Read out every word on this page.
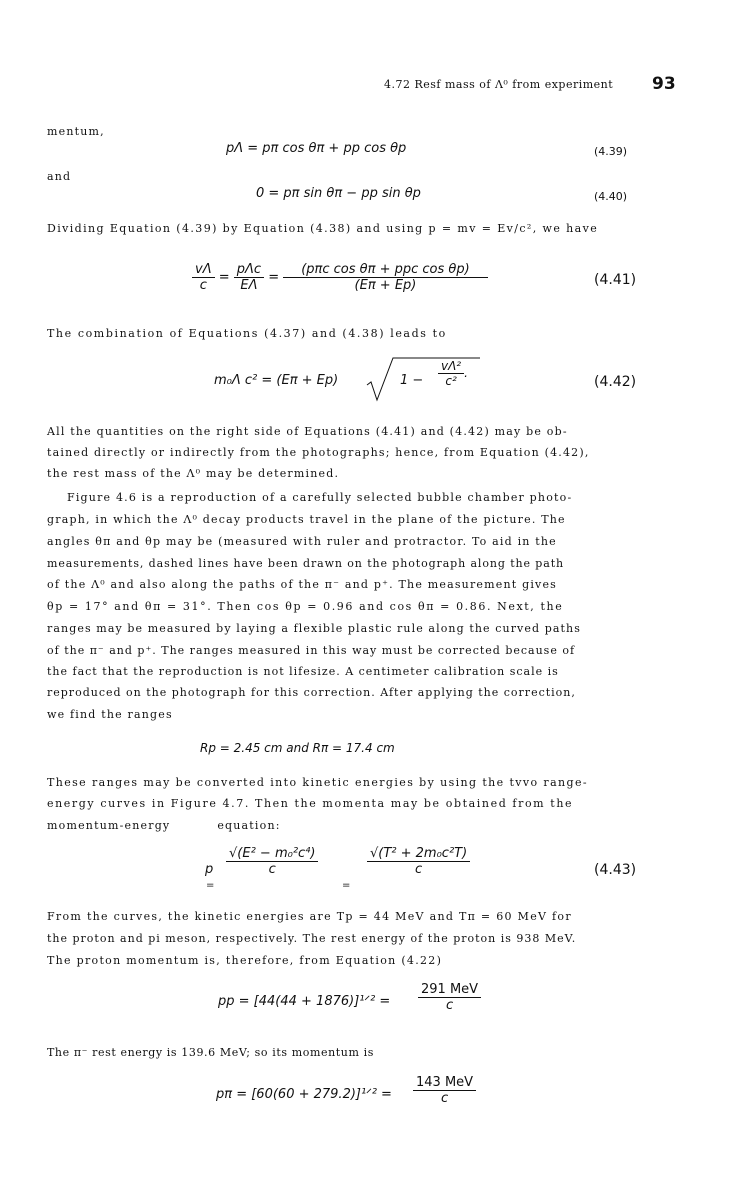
4.72 Resf mass of Λ⁰ from experiment 93
mentum,
pΛ = pπ cos θπ + pp cos θp	(4.39)
and
0 = pπ sin θπ − pp sin θp	(4.40)
Dividing Equation (4.39) by Equation (4.38) and using p = mv = Ev/c², we have
$\frac{v\Lambda}{c} = \frac{\text{pΛc}}{E\Lambda} = \frac{\text{(pπc cos θπ + ppc cos θp)}}{(E\pi + Ep)}$	(4.41)
The combination of Equations (4.37) and (4.38) leads to
m₀Λ c² = (Eπ + Ep)	$1 - \frac{\text{vΛ²}}{\text{c²}}$ .
(4.42)
All the quantities on the right side of Equations (4.41) and (4.42) may be ob-
tained directly or indirectly from the photographs; hence, from Equation (4.42),
the rest mass of the Λ⁰ may be determined.
Figure 4.6 is a reproduction of a carefully selected bubble chamber photo-
graph, in which the Λ⁰ decay products travel in the plane of the picture. The
angles θπ and θp may be (measured with ruler and protractor. To aid in the
measurements, dashed lines have been drawn on the photograph along the path
of the Λ⁰ and also along the paths of the π⁻ and p⁺. The measurement gives
θp = 17° and θπ = 31°. Then cos θp = 0.96 and cos θπ = 0.86. Next, the
ranges may be measured by laying a flexible plastic rule along the curved paths
of the π⁻ and p⁺. The ranges measured in this way must be corrected because of
the fact that the reproduction is not lifesize. A centimeter calibration scale is
reproduced on the photograph for this correction. After applying the correction,
we find the ranges
Rp = 2.45 cm and Rπ = 17.4 cm
These ranges may be converted into kinetic energies by using the tvvo range-
energy curves in Figure 4.7. Then the momenta may be obtained from the
momentum-energy          equation:
p
=
$\frac{\text{√(E² − m₀²c⁴)}}{c}$
=
$\frac{\text{√(T² + 2m₀c²T)}}{c}$	(4.43)
From the curves, the kinetic energies are Tp = 44 MeV and Tπ = 60 MeV for
the proton and pi meson, respectively. The rest energy of the proton is 938 MeV.
The proton momentum is, therefore, from Equation (4.22)
pp = [44(44 + 1876)]¹ᐟ² = $\frac{\text{291 MeV}}{c}$
The π⁻ rest energy is 139.6 MeV; so its momentum is
pπ = [60(60 + 279.2)]¹ᐟ² = $\frac{\text{143 MeV}}{c}$
